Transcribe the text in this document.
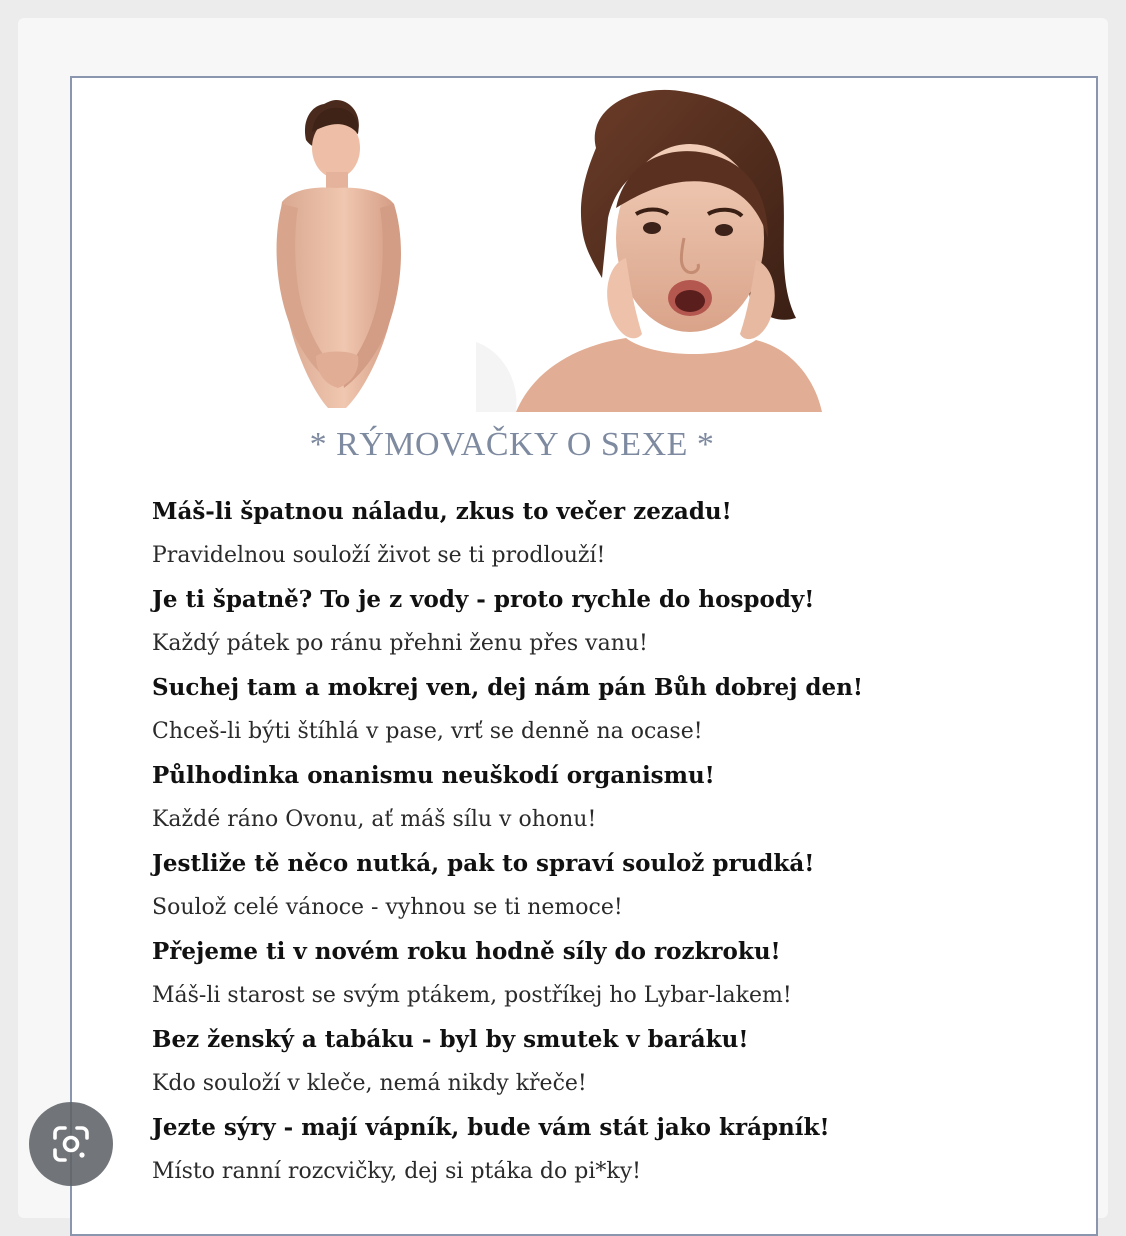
* RÝMOVAČKY O SEXE *
Máš-li špatnou náladu, zkus to večer zezadu!
Pravidelnou souloží život se ti prodlouží!
Je ti špatně? To je z vody - proto rychle do hospody!
Každý pátek po ránu přehni ženu přes vanu!
Suchej tam a mokrej ven, dej nám pán Bůh dobrej den!
Chceš-li býti štíhlá v pase, vrť se denně na ocase!
Půlhodinka onanismu neuškodí organismu!
Každé ráno Ovonu, ať máš sílu v ohonu!
Jestliže tě něco nutká, pak to spraví soulož prudká!
Soulož celé vánoce - vyhnou se ti nemoce!
Přejeme ti v novém roku hodně síly do rozkroku!
Máš-li starost se svým ptákem, postříkej ho Lybar-lakem!
Bez ženský a tabáku - byl by smutek v baráku!
Kdo souloží v kleče, nemá nikdy křeče!
Jezte sýry - mají vápník, bude vám stát jako krápník!
Místo ranní rozcvičky, dej si ptáka do pi*ky!
